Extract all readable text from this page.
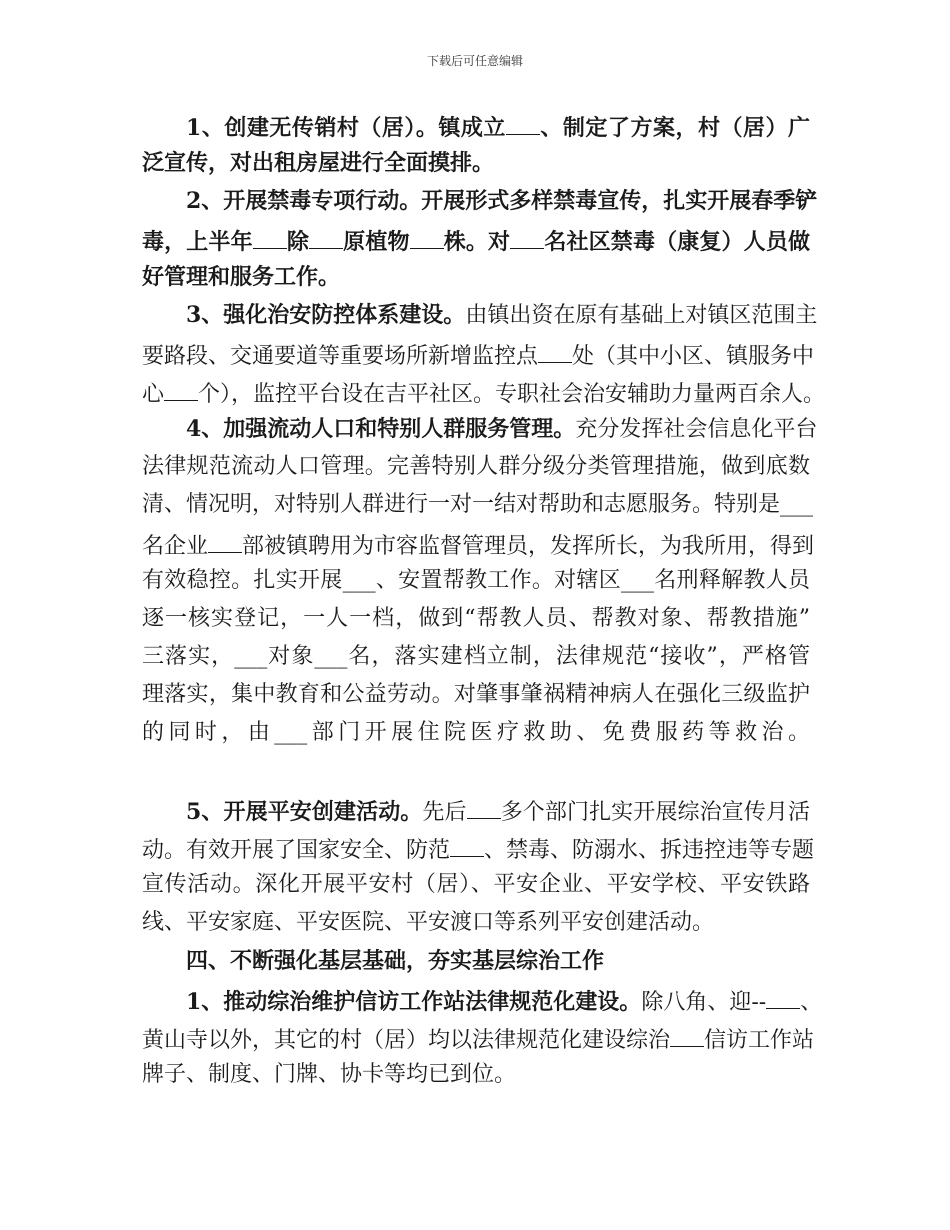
下载后可任意编辑
1、创建无传销村（居）。镇成立 、制定了方案，村（居）广
泛宣传，对出租房屋进行全面摸排。
2、开展禁毒专项行动。开展形式多样禁毒宣传，扎实开展春季铲
毒，上半年 除 原植物 株。对 名社区禁毒（康复）人员做
好管理和服务工作。
3、强化治安防控体系建设。由镇出资在原有基础上对镇区范围主
要路段、交通要道等重要场所新增监控点 处（其中小区、镇服务中
心 个），监控平台设在吉平社区。专职社会治安辅助力量两百余人。
4、加强流动人口和特别人群服务管理。充分发挥社会信息化平台
法律规范流动人口管理。完善特别人群分级分类管理措施，做到底数
清、情况明，对特别人群进行一对一结对帮助和志愿服务。特别是___
名企业 部被镇聘用为市容监督管理员，发挥所长，为我所用，得到
有效稳控。扎实开展___、安置帮教工作。对辖区___名刑释解教人员
逐一核实登记，一人一档，做到“帮教人员、帮教对象、帮教措施”
三落实，___对象___名，落实建档立制，法律规范“接收”，严格管
理落实，集中教育和公益劳动。对肇事肇祸精神病人在强化三级监护
的同时，由___部门开展住院医疗救助、免费服药等救治。
5、开展平安创建活动。先后 多个部门扎实开展综治宣传月活
动。有效开展了国家安全、防范 、禁毒、防溺水、拆违控违等专题
宣传活动。深化开展平安村（居）、平安企业、平安学校、平安铁路
线、平安家庭、平安医院、平安渡口等系列平安创建活动。
四、不断强化基层基础，夯实基层综治工作
1、推动综治维护信访工作站法律规范化建设。除八角、迎-- 、
黄山寺以外，其它的村（居）均以法律规范化建设综治 信访工作站
牌子、制度、门牌、协卡等均已到位。
